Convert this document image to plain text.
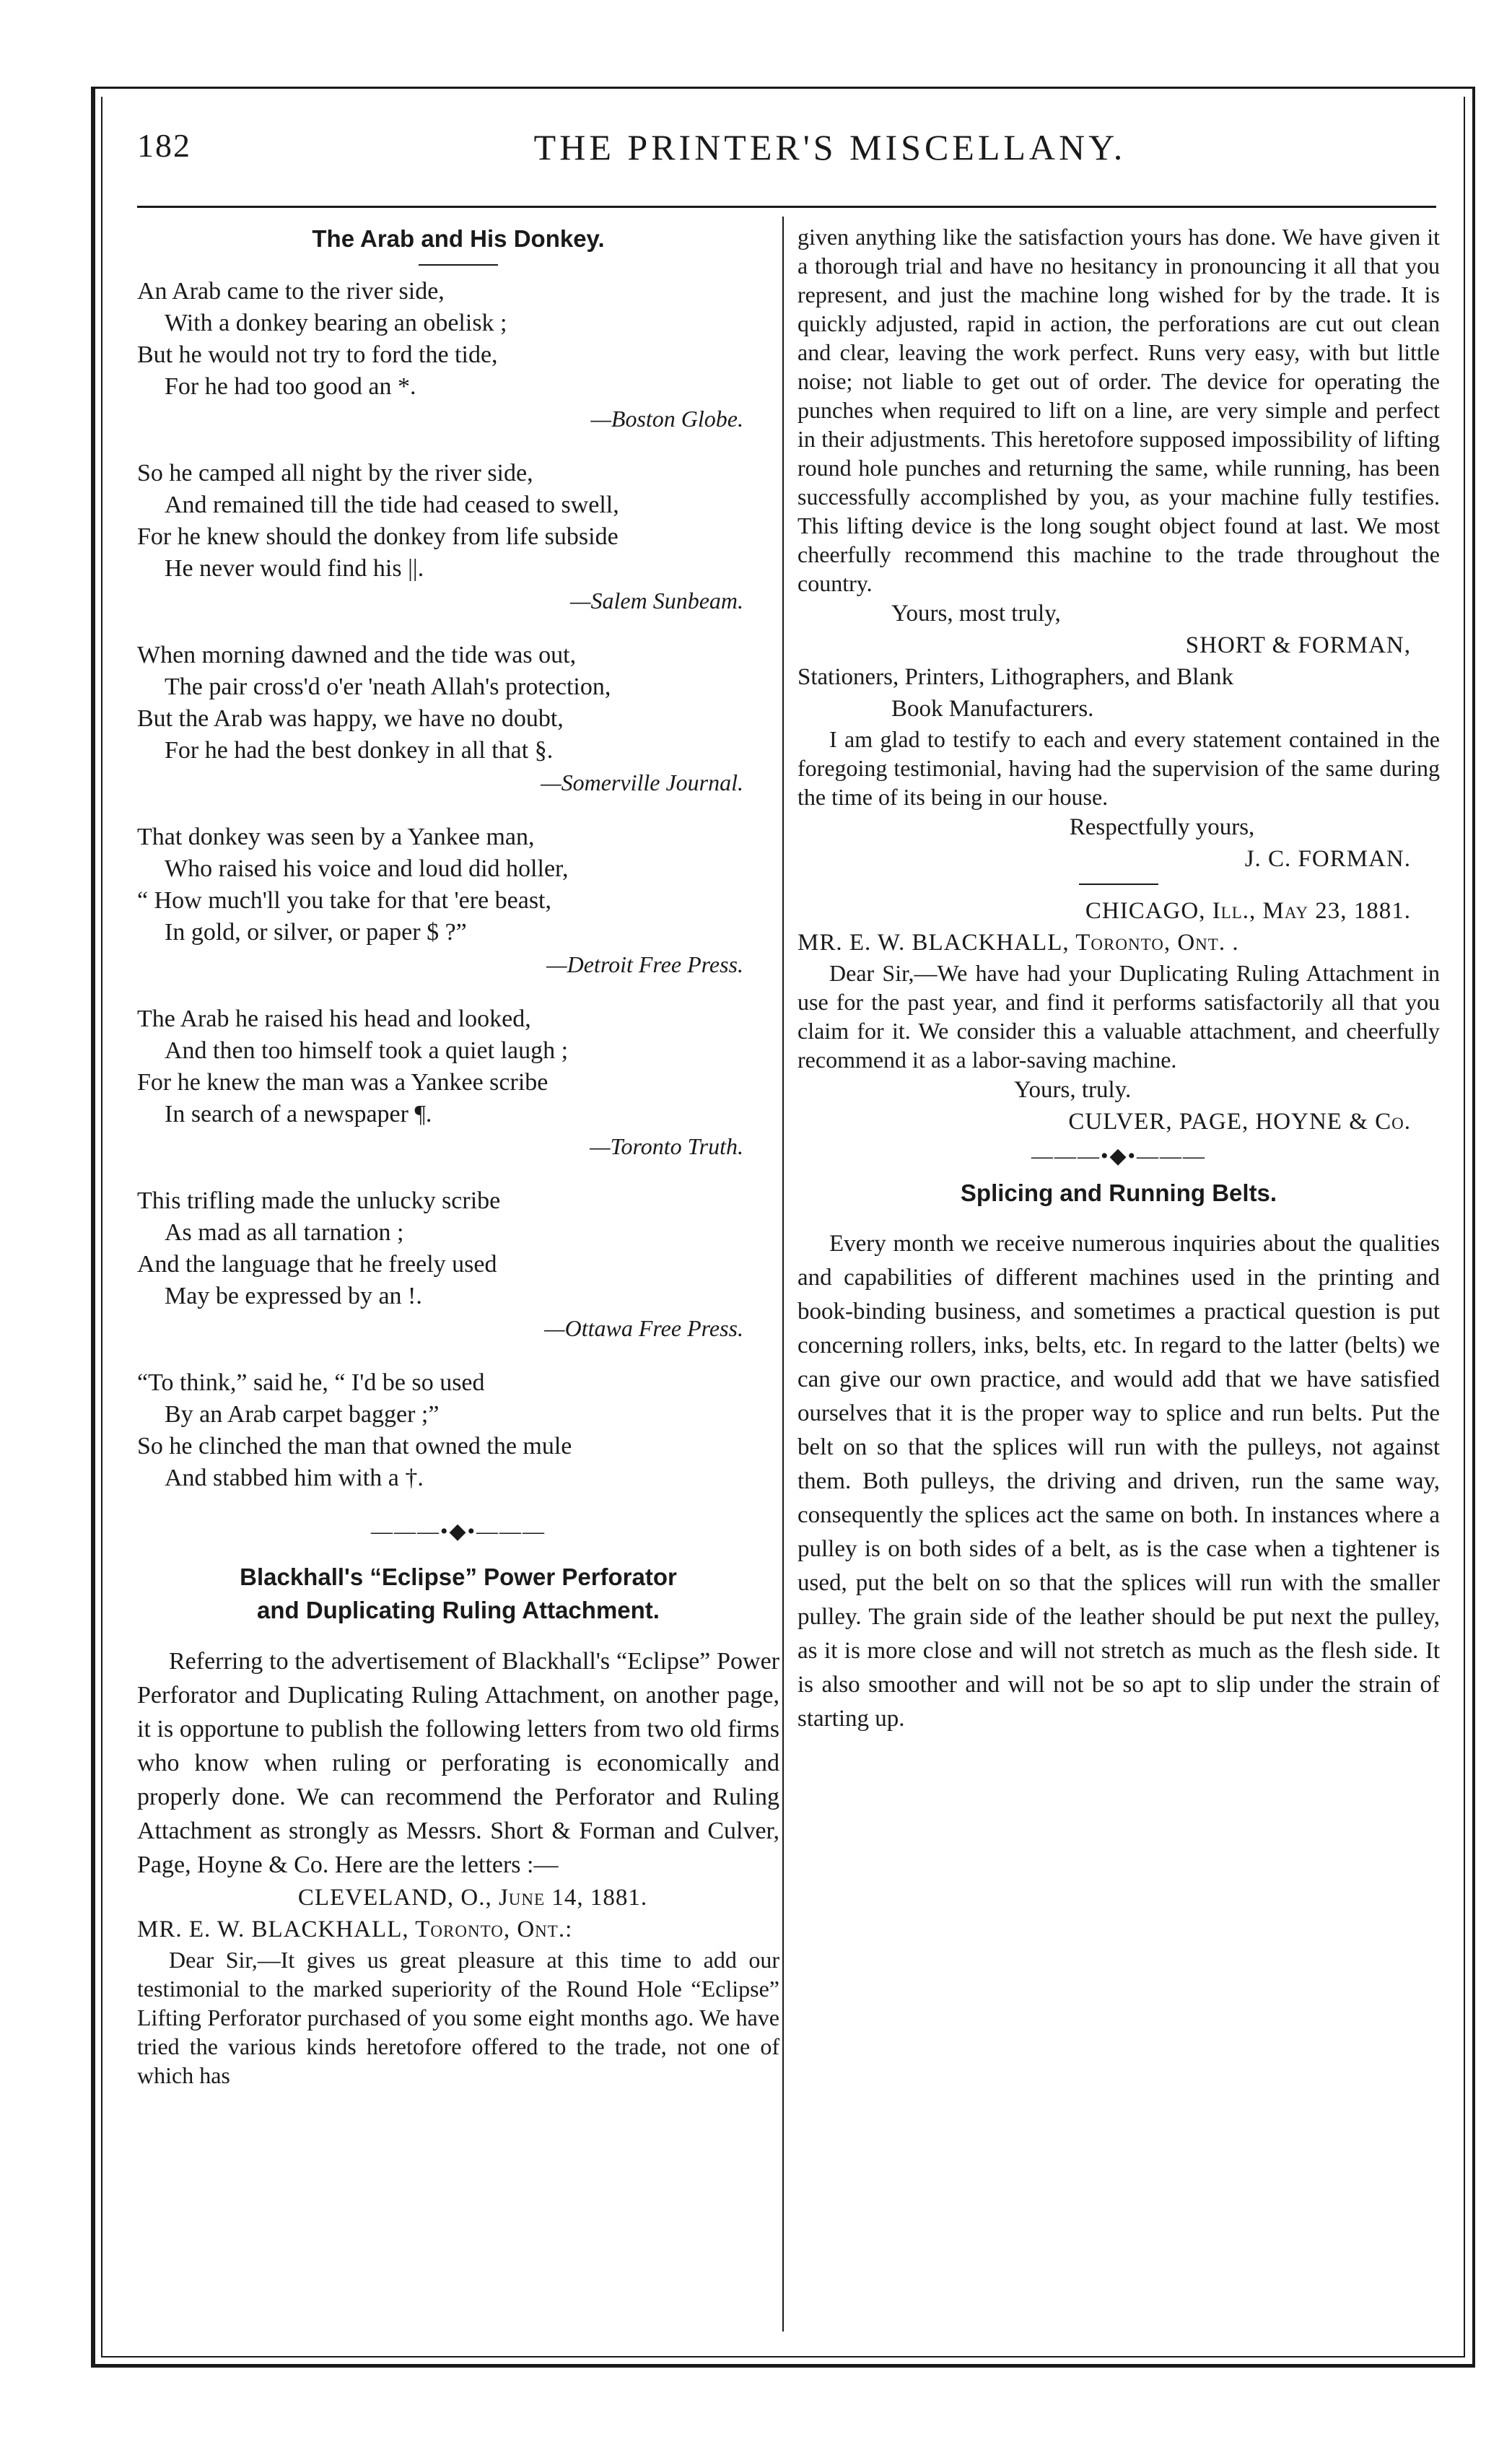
182	THE PRINTER'S MISCELLANY.
The Arab and His Donkey.
An Arab came to the river side,
With a donkey bearing an obelisk ;
But he would not try to ford the tide,
For he had too good an *.
—Boston Globe.
So he camped all night by the river side,
And remained till the tide had ceased to swell,
For he knew should the donkey from life subside
He never would find his ||.
—Salem Sunbeam.
When morning dawned and the tide was out,
The pair cross'd o'er 'neath Allah's protection,
But the Arab was happy, we have no doubt,
For he had the best donkey in all that §.
—Somerville Journal.
That donkey was seen by a Yankee man,
Who raised his voice and loud did holler,
“ How much'll you take for that 'ere beast,
In gold, or silver, or paper $ ?”
—Detroit Free Press.
The Arab he raised his head and looked,
And then too himself took a quiet laugh ;
For he knew the man was a Yankee scribe
In search of a newspaper ¶.
—Toronto Truth.
This trifling made the unlucky scribe
As mad as all tarnation ;
And the language that he freely used
May be expressed by an !.
—Ottawa Free Press.
“To think,” said he, “ I'd be so used
By an Arab carpet bagger ;”
So he clinched the man that owned the mule
And stabbed him with a †.
———•◆•———
Blackhall's “Eclipse” Power Perforator
and Duplicating Ruling Attachment.

Referring to the advertisement of Blackhall's “Eclipse” Power Perforator and Duplicating Ruling Attachment, on another page, it is opportune to publish the following letters from two old firms who know when ruling or perforating is economically and properly done. We can recommend the Perforator and Ruling Attachment as strongly as Messrs. Short & Forman and Culver, Page, Hoyne & Co. Here are the letters :—

CLEVELAND, O., June 14, 1881.
MR. E. W. BLACKHALL, Toronto, Ont.:

Dear Sir,—It gives us great pleasure at this time to add our testimonial to the marked superiority of the Round Hole “Eclipse” Lifting Perforator purchased of you some eight months ago. We have tried the various kinds heretofore offered to the trade, not one of which has

given anything like the satisfaction yours has done. We have given it a thorough trial and have no hesitancy in pronouncing it all that you represent, and just the machine long wished for by the trade. It is quickly adjusted, rapid in action, the perforations are cut out clean and clear, leaving the work perfect. Runs very easy, with but little noise; not liable to get out of order. The device for operating the punches when required to lift on a line, are very simple and perfect in their adjustments. This heretofore supposed impossibility of lifting round hole punches and returning the same, while running, has been successfully accomplished by you, as your machine fully testifies. This lifting device is the long sought object found at last. We most cheerfully recommend this machine to the trade throughout the country.

Yours, most truly,
SHORT & FORMAN,
Stationers, Printers, Lithographers, and Blank
Book Manufacturers.

I am glad to testify to each and every statement contained in the foregoing testimonial, having had the supervision of the same during the time of its being in our house.

Respectfully yours,
J. C. FORMAN.
CHICAGO, Ill., May 23, 1881.
MR. E. W. BLACKHALL, Toronto, Ont. .

Dear Sir,—We have had your Duplicating Ruling Attachment in use for the past year, and find it performs satisfactorily all that you claim for it. We consider this a valuable attachment, and cheerfully recommend it as a labor-saving machine.

Yours, truly.
CULVER, PAGE, HOYNE & Co.
———•◆•———
Splicing and Running Belts.

Every month we receive numerous inquiries about the qualities and capabilities of different machines used in the printing and book-binding business, and sometimes a practical question is put concerning rollers, inks, belts, etc. In regard to the latter (belts) we can give our own practice, and would add that we have satisfied ourselves that it is the proper way to splice and run belts. Put the belt on so that the splices will run with the pulleys, not against them. Both pulleys, the driving and driven, run the same way, consequently the splices act the same on both. In instances where a pulley is on both sides of a belt, as is the case when a tightener is used, put the belt on so that the splices will run with the smaller pulley. The grain side of the leather should be put next the pulley, as it is more close and will not stretch as much as the flesh side. It is also smoother and will not be so apt to slip under the strain of starting up.
